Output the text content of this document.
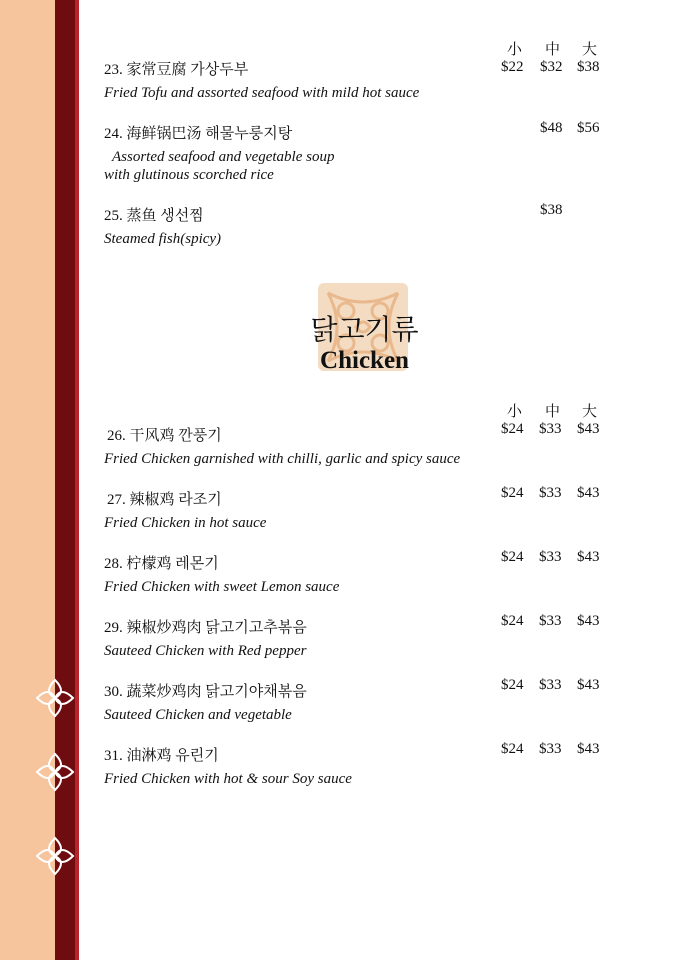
小 中 大
23. 家常豆腐 가상두부
Fried Tofu and assorted seafood with mild hot sauce
$22 $32 $38
24. 海鲜锅巴汤 해물누룽지탕
Assorted seafood and vegetable soup
with glutinous scorched rice
$48 $56
25. 蒸鱼 생선찜
Steamed fish(spicy)
$38
닭고기류
Chicken
小 中 大
26. 干风鸡 깐풍기
Fried Chicken garnished with chilli, garlic and spicy sauce
$24 $33 $43
27. 辣椒鸡 라조기
Fried Chicken in hot sauce
$24 $33 $43
28. 柠檬鸡 레몬기
Fried Chicken with sweet Lemon sauce
$24 $33 $43
29. 辣椒炒鸡肉 닭고기고추볶음
Sauteed Chicken with Red pepper
$24 $33 $43
30. 蔬菜炒鸡肉 닭고기야채볶음
Sauteed Chicken and vegetable
$24 $33 $43
31. 油淋鸡 유린기
Fried Chicken with hot & sour Soy sauce
$24 $33 $43
